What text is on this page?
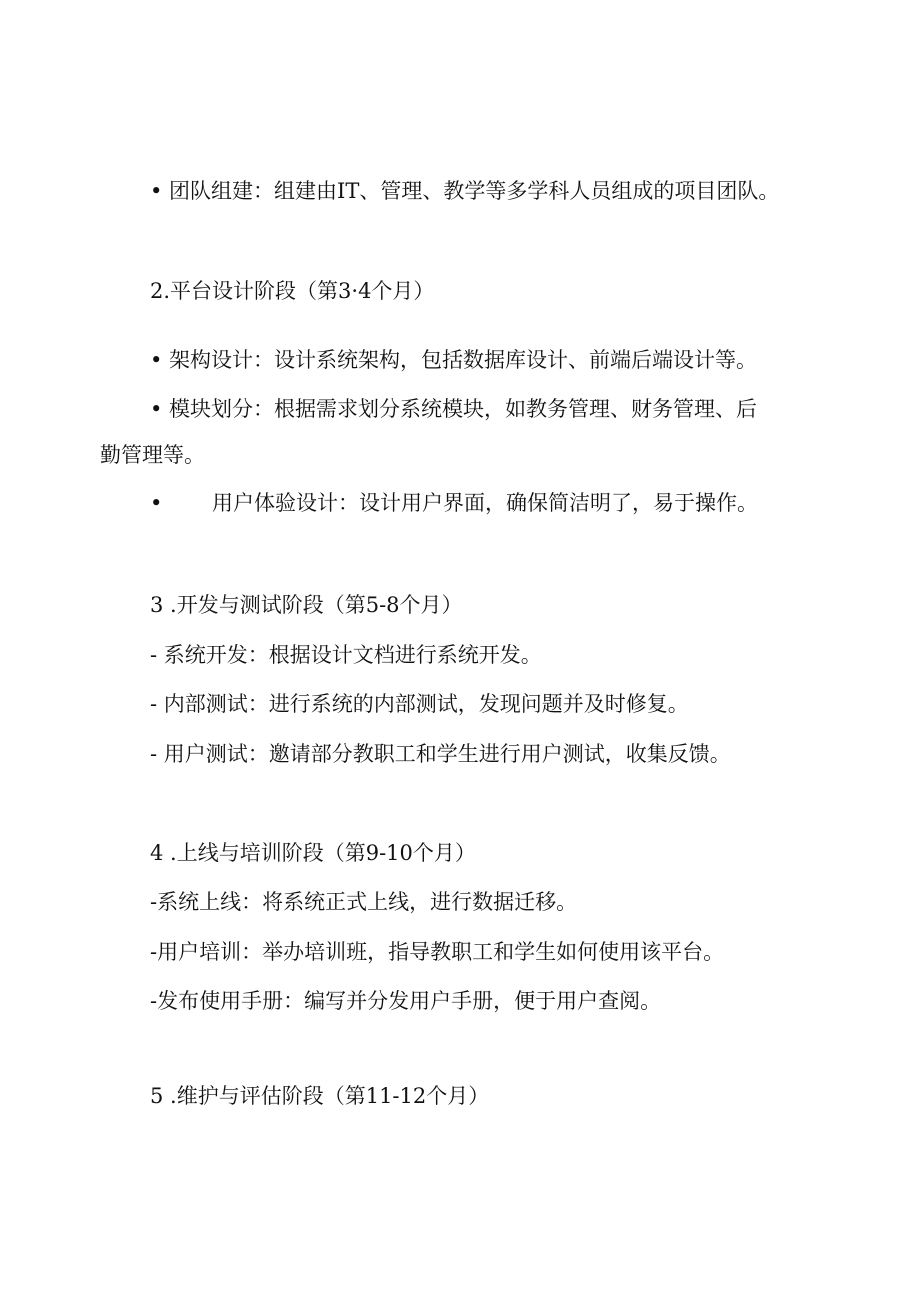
• 团队组建：组建由IT、管理、教学等多学科人员组成的项目团队。

2.平台设计阶段（第3·4个月）

• 架构设计：设计系统架构，包括数据库设计、前端后端设计等。

• 模块划分：根据需求划分系统模块，如教务管理、财务管理、后

勤管理等。

• 用户体验设计：设计用户界面，确保简洁明了，易于操作。

3 .开发与测试阶段（第5-8个月）

- 系统开发：根据设计文档进行系统开发。

- 内部测试：进行系统的内部测试，发现问题并及时修复。

- 用户测试：邀请部分教职工和学生进行用户测试，收集反馈。

4 .上线与培训阶段（第9-10个月）

-系统上线：将系统正式上线，进行数据迁移。

-用户培训：举办培训班，指导教职工和学生如何使用该平台。

-发布使用手册：编写并分发用户手册，便于用户查阅。

5 .维护与评估阶段（第11-12个月）
